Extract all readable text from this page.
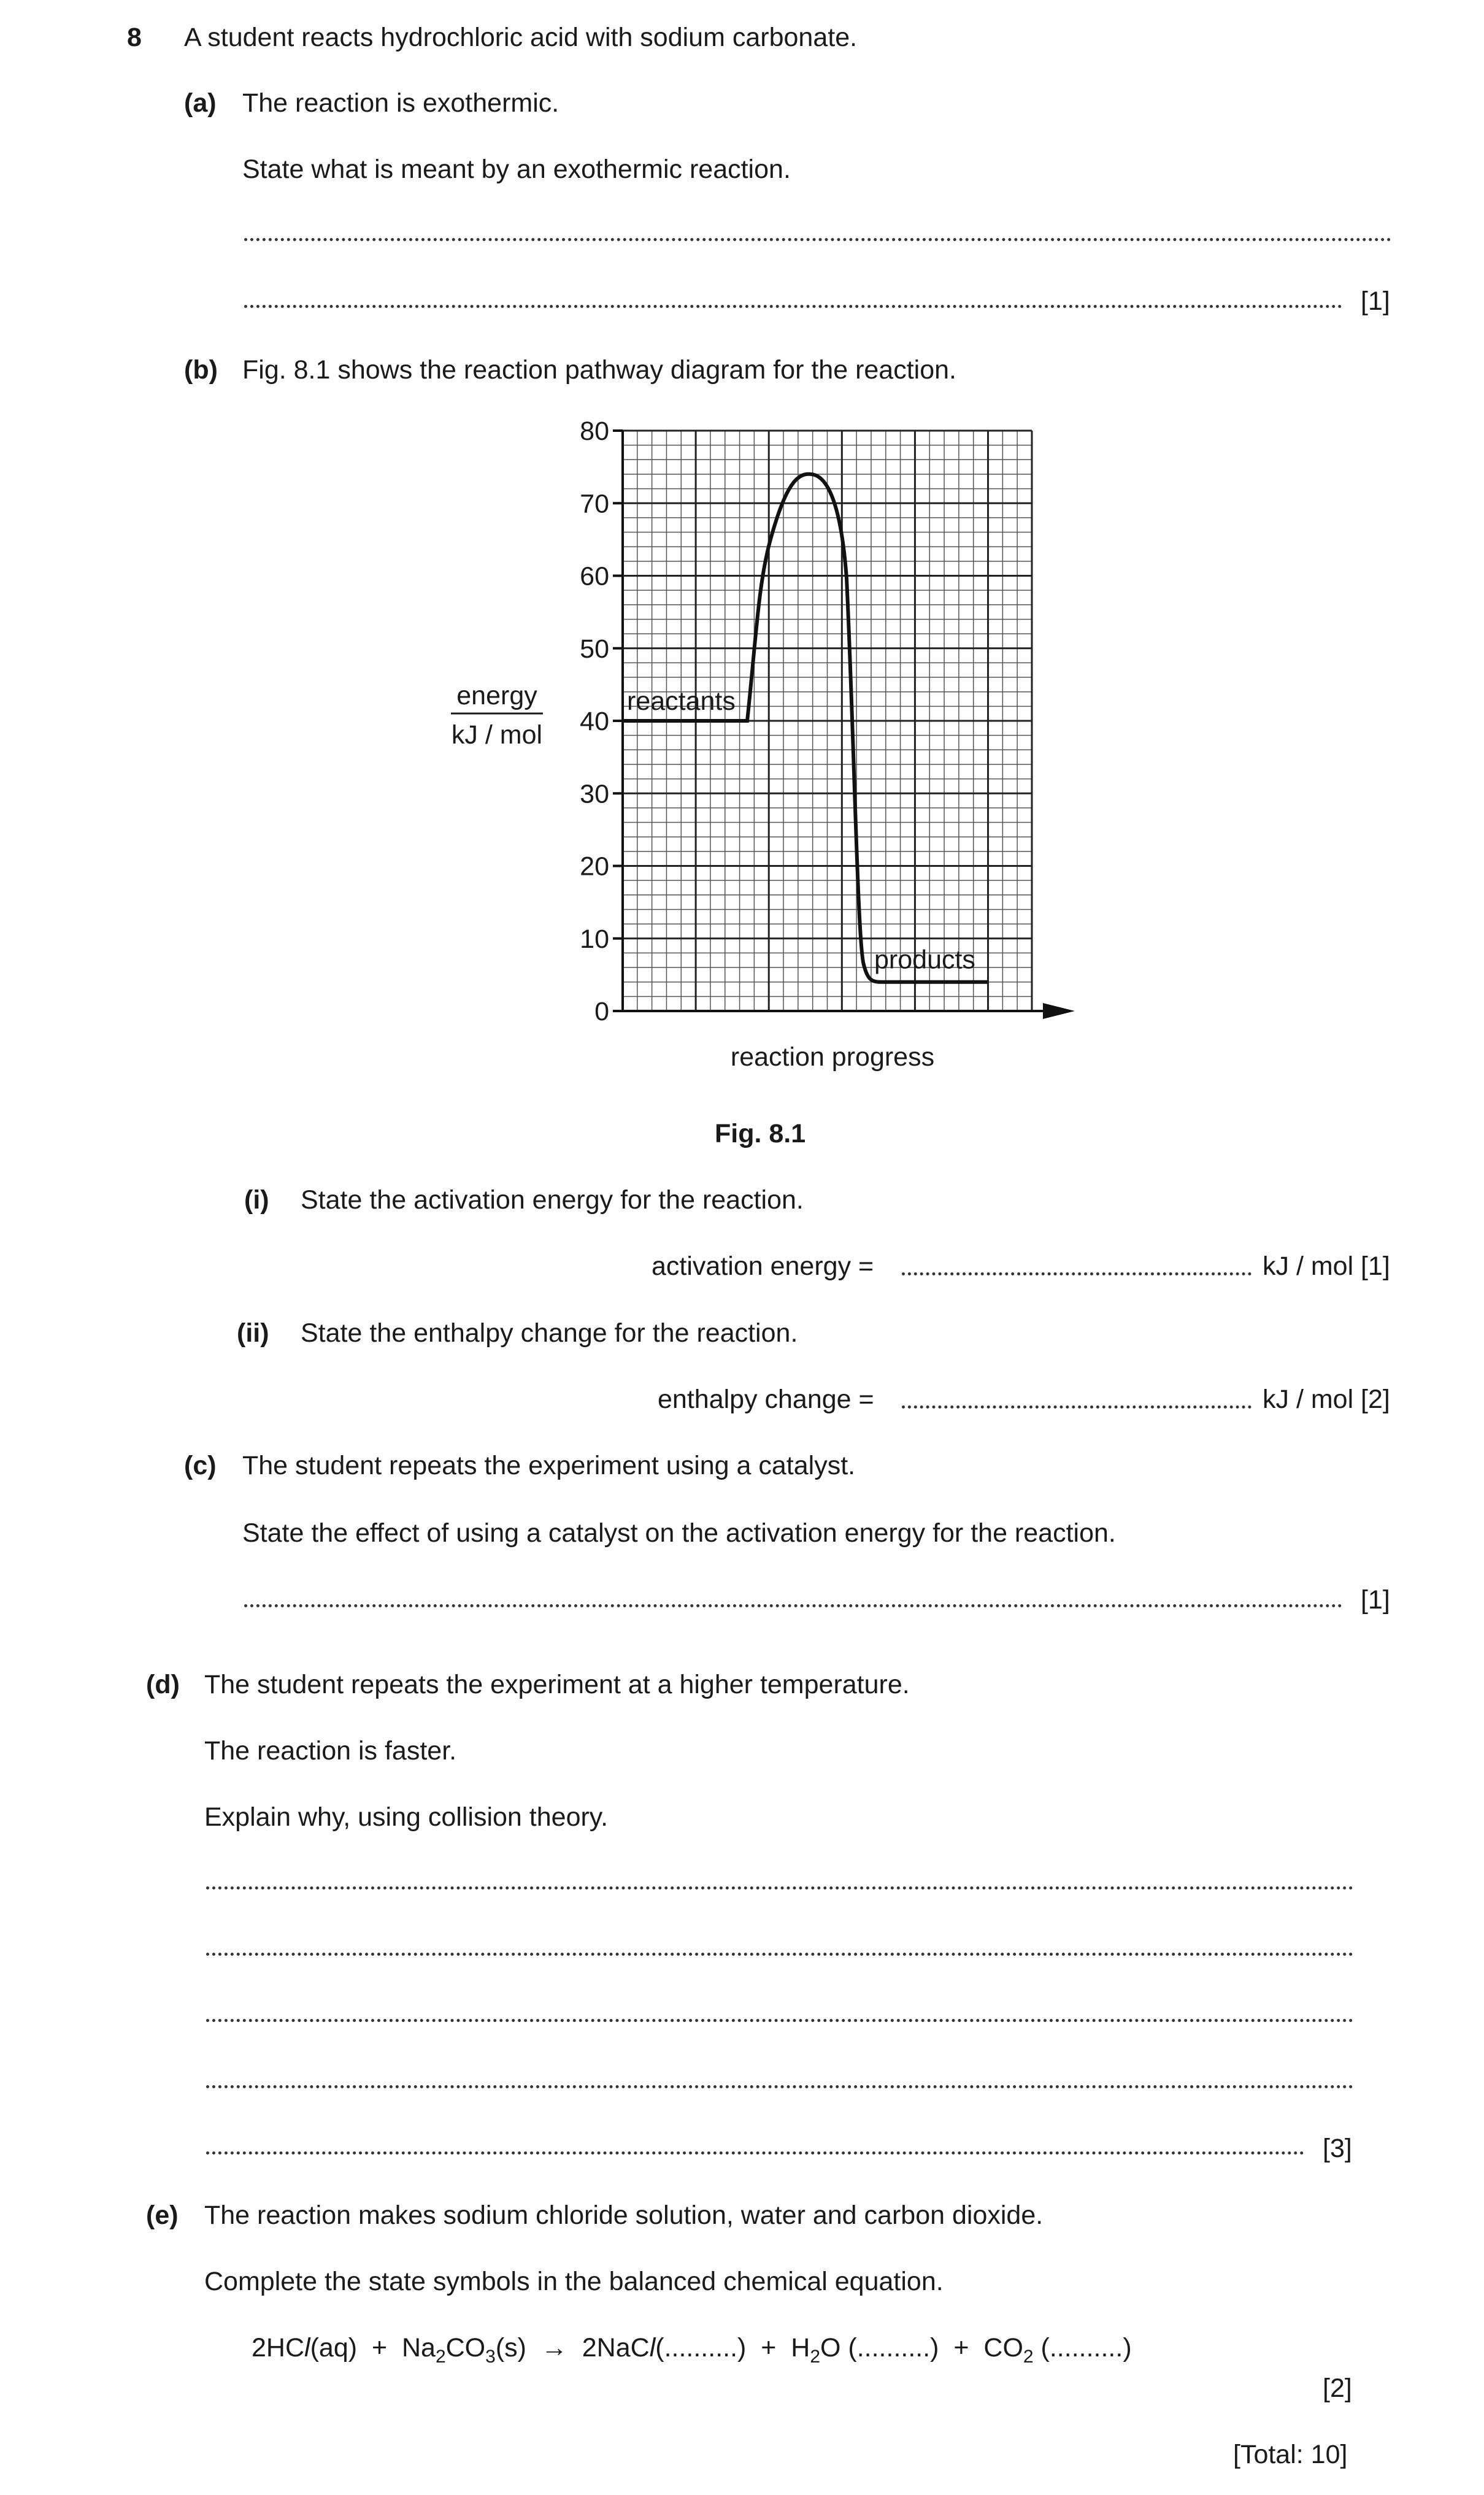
8 A student reacts hydrochloric acid with sodium carbonate.
(a) The reaction is exothermic.
State what is meant by an exothermic reaction.
[1]
(b) Fig. 8.1 shows the reaction pathway diagram for the reaction.
0
10
20
30
40
50
60
70
80
reactants
products
reaction progress
energy
kJ / mol
Fig. 8.1
(i) State the activation energy for the reaction.
activation energy =	kJ / mol [1]
(ii) State the enthalpy change for the reaction.
enthalpy change =	kJ / mol [2]
(c) The student repeats the experiment using a catalyst.
State the effect of using a catalyst on the activation energy for the reaction.
[1]
(d) The student repeats the experiment at a higher temperature.
The reaction is faster.
Explain why, using collision theory.
[3]
(e) The reaction makes sodium chloride solution, water and carbon dioxide.
Complete the state symbols in the balanced chemical equation.
$2HCl(aq) + Na_2CO_3(s)$  →  2NaCl(..........)  +  $H_2O$ (..........)  +  $CO_2$ (..........)
[2]
[Total: 10]
